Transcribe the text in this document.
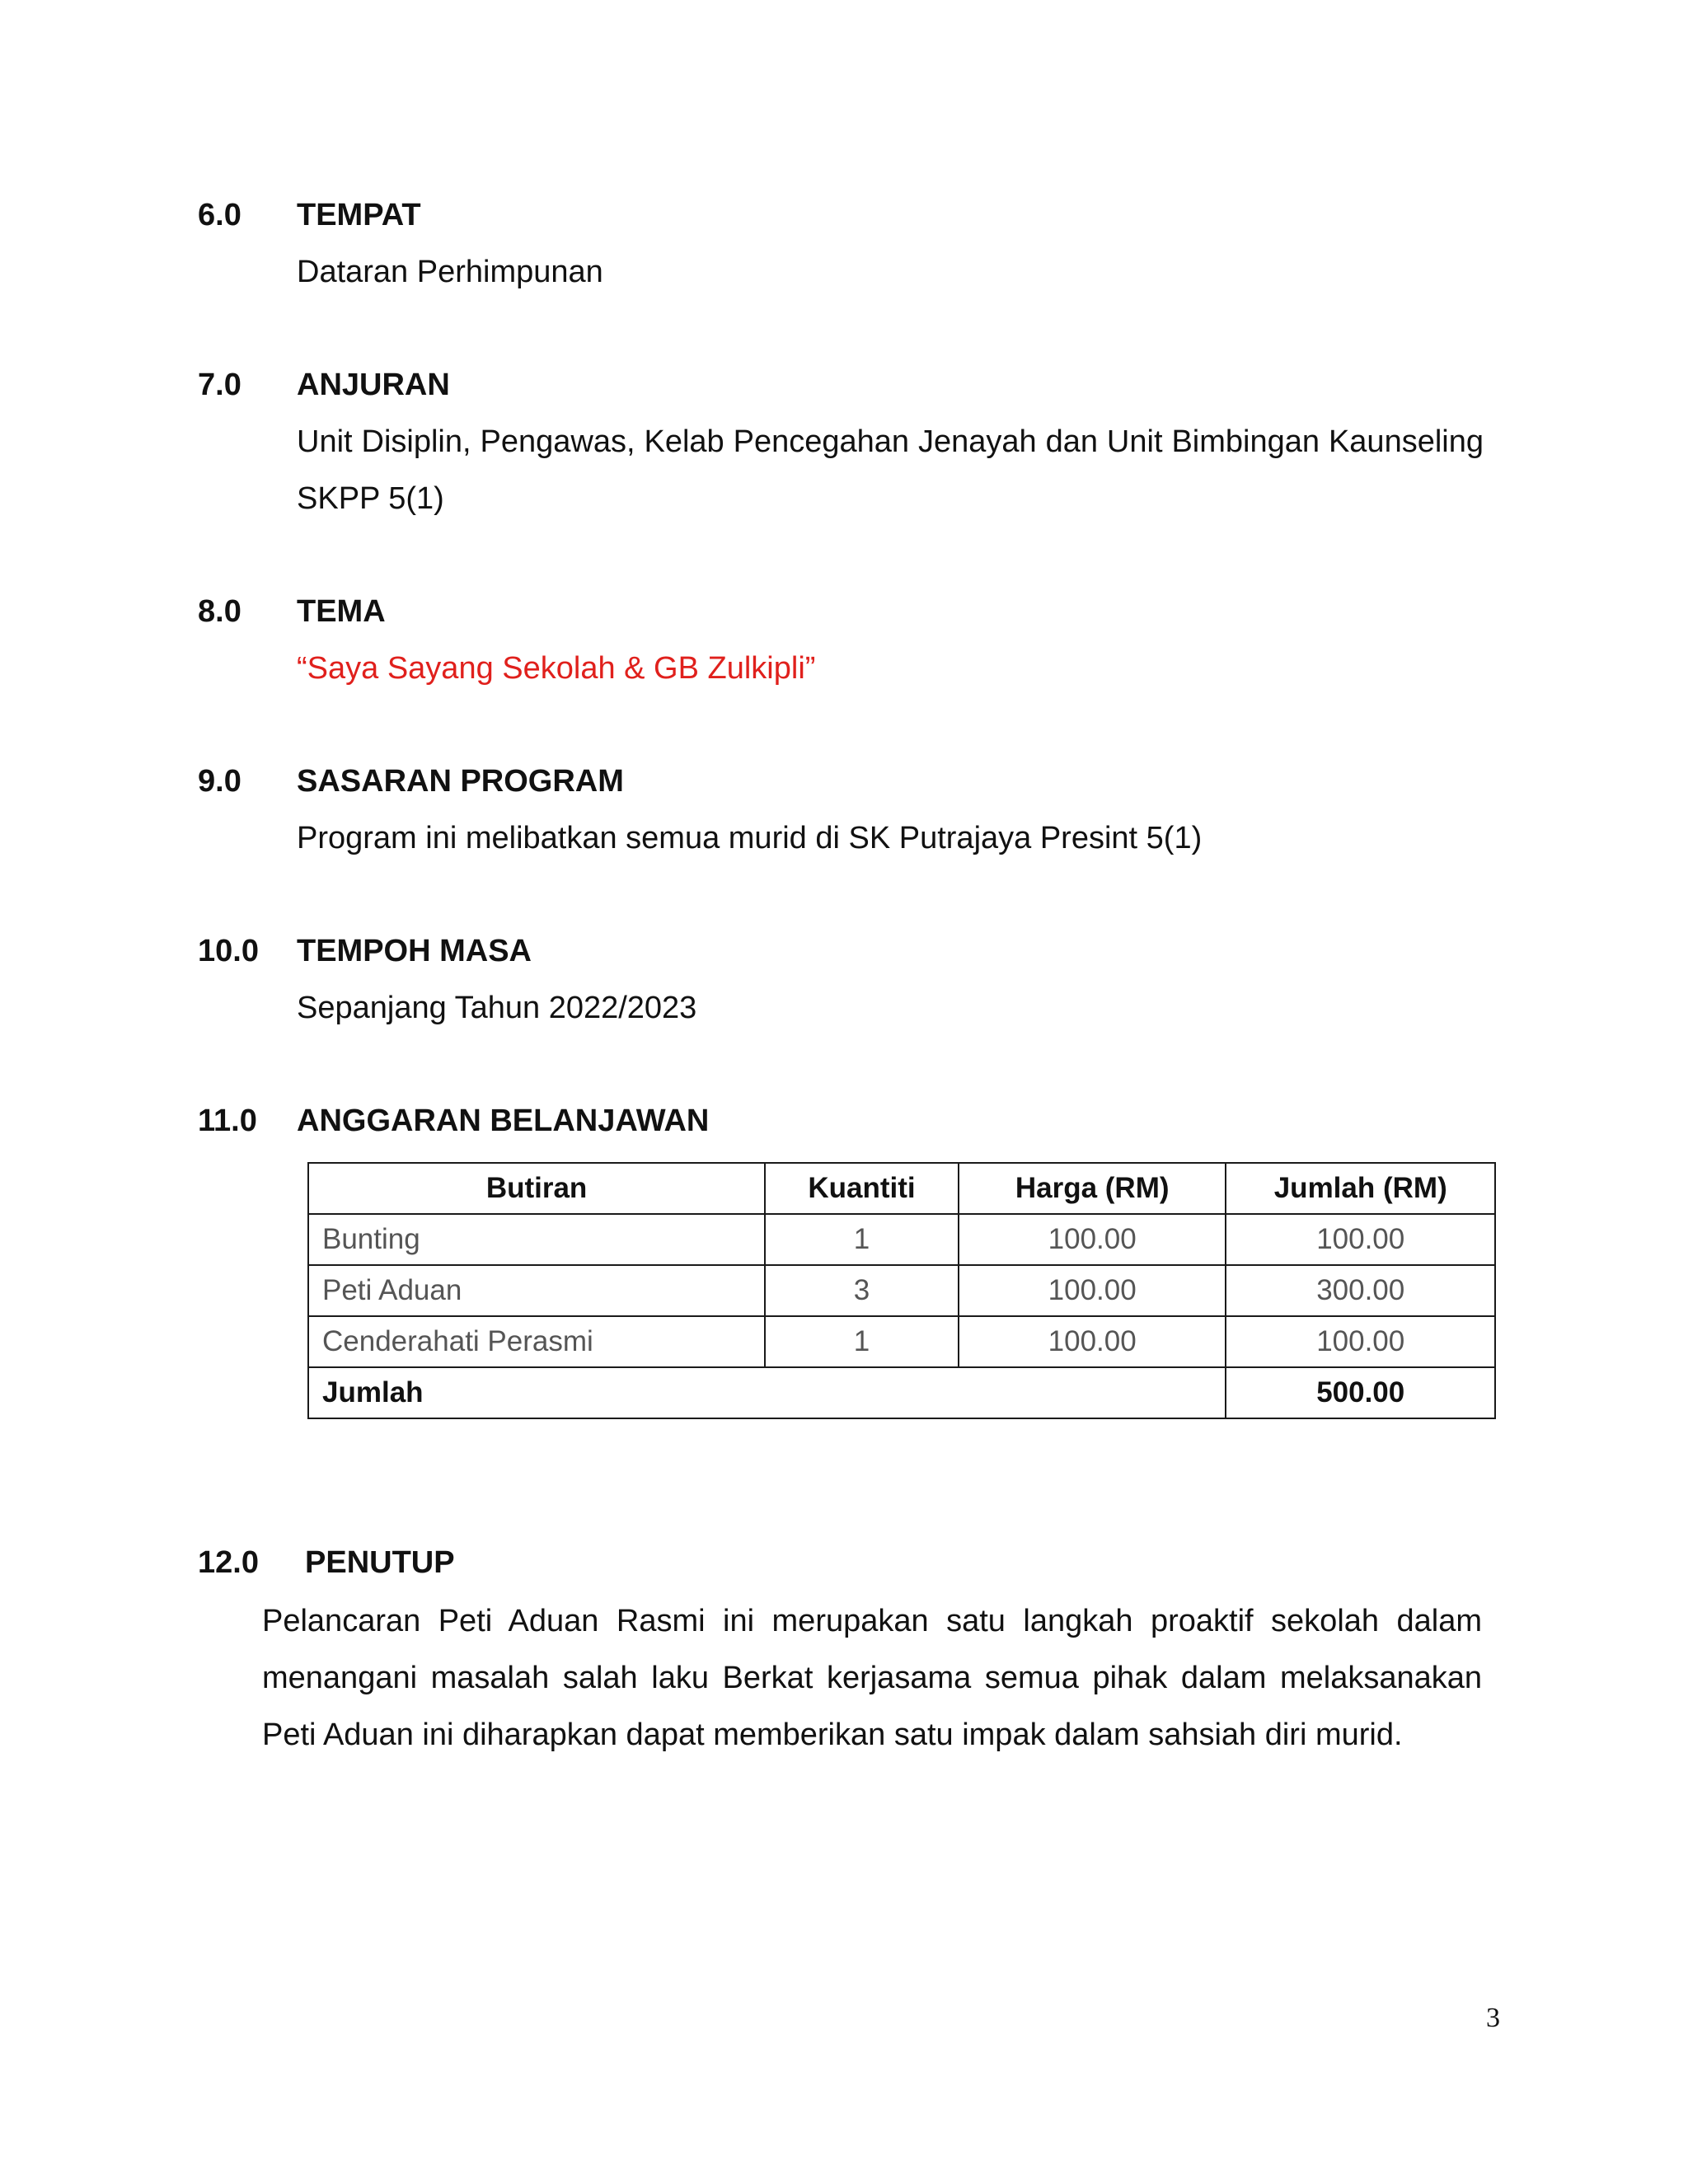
6.0 TEMPAT
Dataran Perhimpunan
7.0 ANJURAN
Unit Disiplin, Pengawas, Kelab Pencegahan Jenayah dan Unit Bimbingan Kaunseling SKPP 5(1)
8.0 TEMA
“Saya Sayang Sekolah & GB Zulkipli”
9.0 SASARAN PROGRAM
Program ini melibatkan semua murid di SK Putrajaya Presint 5(1)
10.0 TEMPOH MASA
Sepanjang Tahun 2022/2023
11.0 ANGGARAN BELANJAWAN
Butiran	Kuantiti	Harga (RM)	Jumlah (RM)
Bunting	1	100.00	100.00
Peti Aduan	3	100.00	300.00
Cenderahati Perasmi	1	100.00	100.00
Jumlah			500.00
12.0 PENUTUP
Pelancaran Peti Aduan Rasmi ini merupakan satu langkah proaktif sekolah dalam menangani masalah salah laku Berkat kerjasama semua pihak dalam melaksanakan Peti Aduan ini diharapkan dapat memberikan satu impak dalam sahsiah diri murid.
3
